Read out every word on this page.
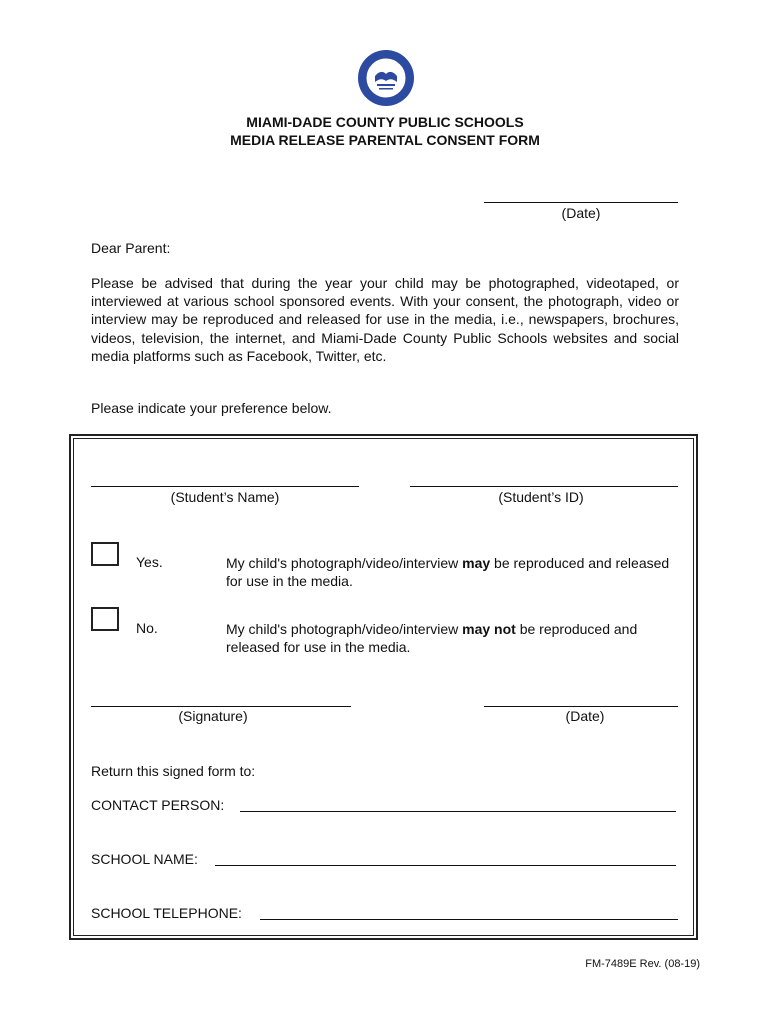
MIAMI-DADE COUNTY PUBLIC SCHOOLS
MEDIA RELEASE PARENTAL CONSENT FORM
(Date)
Dear Parent:
Please be advised that during the year your child may be photographed, videotaped, or interviewed at various school sponsored events. With your consent, the photograph, video or interview may be reproduced and released for use in the media, i.e., newspapers, brochures, videos, television, the internet, and Miami-Dade County Public Schools websites and social media platforms such as Facebook, Twitter, etc.
Please indicate your preference below.
(Student’s Name)	(Student’s ID)
Yes.	My child's photograph/video/interview may be reproduced and released for use in the media.
No.	My child's photograph/video/interview may not be reproduced and released for use in the media.
(Signature)	(Date)
Return this signed form to:
CONTACT PERSON:
SCHOOL NAME:
SCHOOL TELEPHONE:
FM-7489E Rev. (08-19)
